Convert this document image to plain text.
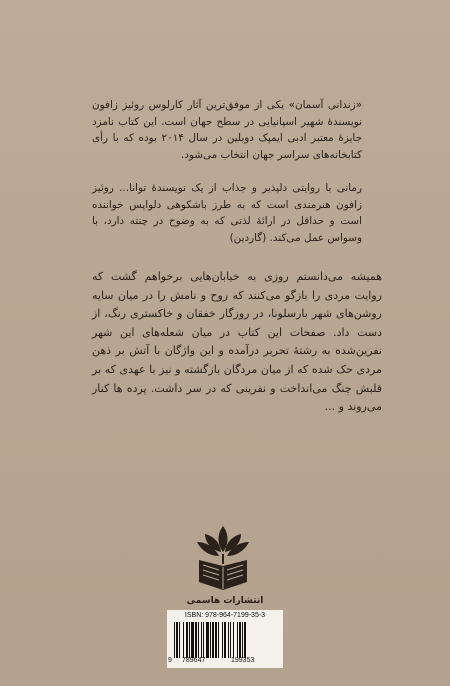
«زندانی آسمان» یکی از موفق‌ترین آثار کارلوس روئیز زافون نویسندهٔ شهیر اسپانیایی در سطح جهان است. این کتاب نامزد جایزهٔ معتبر ادبی ایمپک دوبلین در سال ۲۰۱۴ بوده که با رأی کتابخانه‌های سراسر جهان انتخاب می‌شود.

رمانی با روایتی دلپذیر و جذاب از یک نویسندهٔ توانا... روئیز زافون هنرمندی است که به طرز باشکوهی دلواپس خواننده است و حداقل در ارائهٔ لذتی که به وضوح در چنته دارد، با وسواس عمل می‌کند. (گاردین)

همیشه می‌دانستم روزی به خیابان‌هایی برخواهم گشت که روایت مردی را بازگو می‌کنند که روح و نامش را در میان سایه روشن‌های شهر بارسلونا، در روزگار خفقان و خاکستری رنگ، از دست داد. صفحات این کتاب در میان شعله‌های این شهر نفرین‌شده به رشتهٔ تحریر درآمده و این واژگان با آتش بر ذهن مردی حک شده که از میان مردگان بازگشته و نیز با عهدی که بر قلبش چنگ می‌انداخت و نفرینی که در سر داشت. پرده ها کنار می‌روند و ...

انتشارات هاسمی
ISBN: 978-964-7199-35-3
9 789647	199353
